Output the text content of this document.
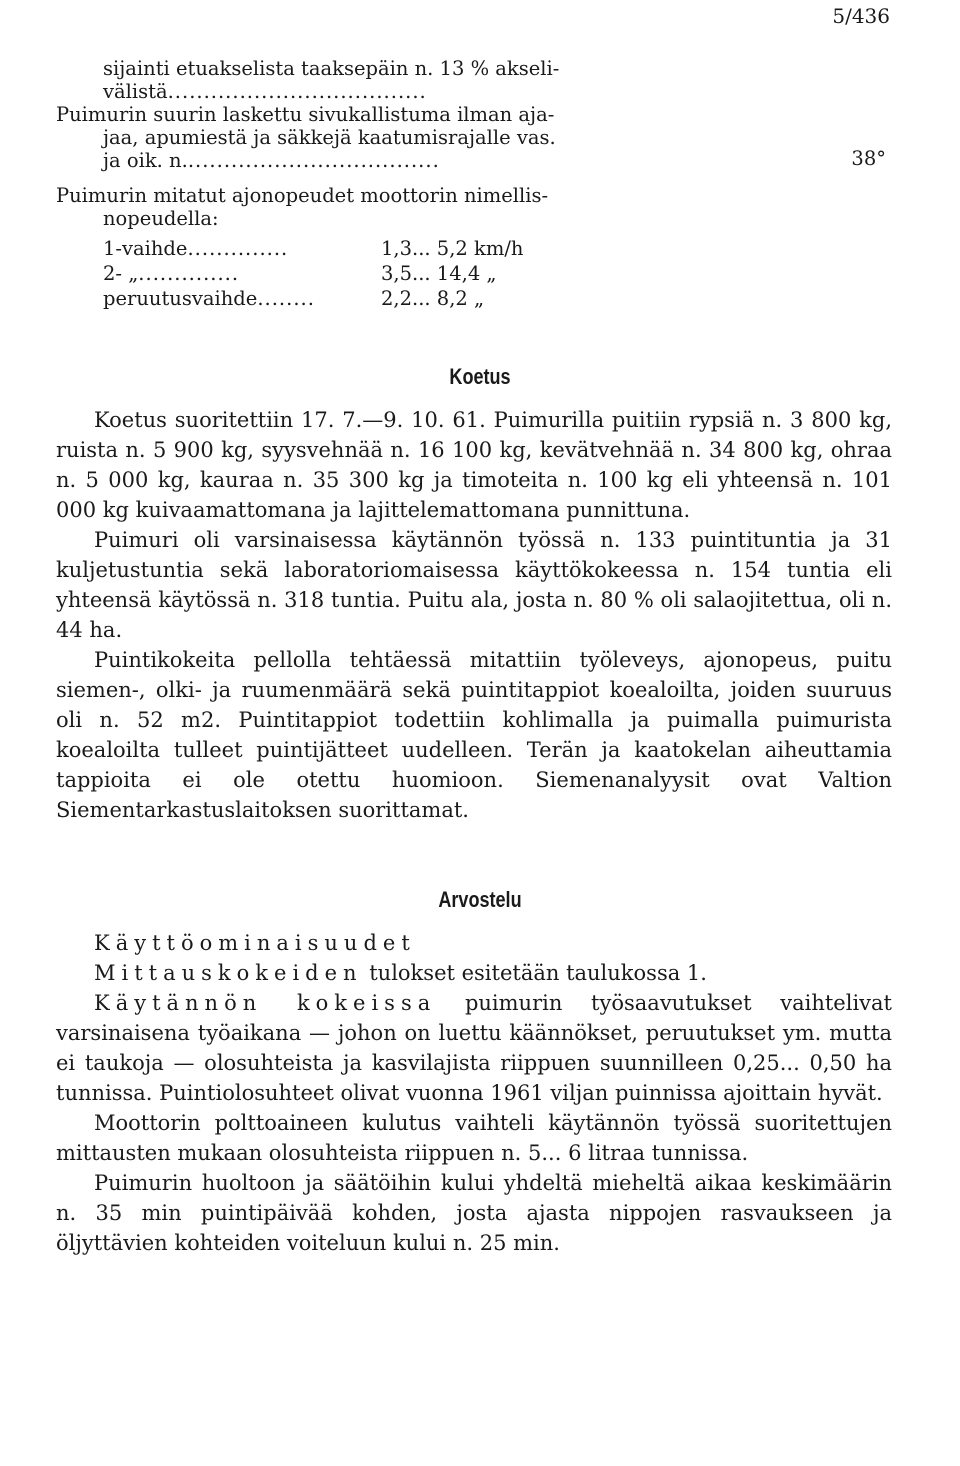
5/436
sijainti etuakselista taaksepäin n. 13 % akseli-
välistä....................................
Puimurin suurin laskettu sivukallistuma ilman aja-
jaa, apumiestä ja säkkejä kaatumisrajalle vas.
ja oik. n....................................	38°
Puimurin mitatut ajonopeudet moottorin nimellis-
nopeudella:
1-vaihde..............	1,3... 5,2 km/h
2- „..............	3,5... 14,4 „
peruutusvaihde........	2,2... 8,2 „
Koetus

Koetus suoritettiin 17. 7.—9. 10. 61. Puimurilla puitiin rypsiä n. 3 800 kg, ruista n. 5 900 kg, syysvehnää n. 16 100 kg, kevätvehnää n. 34 800 kg, ohraa n. 5 000 kg, kauraa n. 35 300 kg ja timoteita n. 100 kg eli yhteensä n. 101 000 kg kuivaamattomana ja lajittelemattomana punnittuna.

Puimuri oli varsinaisessa käytännön työssä n. 133 puintituntia ja 31 kuljetustuntia sekä laboratoriomaisessa käyttökokeessa n. 154 tuntia eli yhteensä käytössä n. 318 tuntia. Puitu ala, josta n. 80 % oli salaojitettua, oli n. 44 ha.

Puintikokeita pellolla tehtäessä mitattiin työleveys, ajonopeus, puitu siemen-, olki- ja ruumenmäärä sekä puintitappiot koealoilta, joiden suuruus oli n. 52 m2. Puintitappiot todettiin kohlimalla ja puimalla puimurista koealoilta tulleet puintijätteet uudelleen. Terän ja kaatokelan aiheuttamia tappioita ei ole otettu huomioon. Siemenanalyysit ovat Valtion Siementarkastuslaitoksen suorittamat.

Arvostelu

Käyttöominaisuudet

Mittauskokeiden tulokset esitetään taulukossa 1.

Käytännön kokeissa puimurin työsaavutukset vaihtelivat varsinaisena työaikana — johon on luettu käännökset, peruutukset ym. mutta ei taukoja — olosuhteista ja kasvilajista riippuen suunnilleen 0,25... 0,50 ha tunnissa. Puintiolosuhteet olivat vuonna 1961 viljan puinnissa ajoittain hyvät.

Moottorin polttoaineen kulutus vaihteli käytännön työssä suoritettujen mittausten mukaan olosuhteista riippuen n. 5... 6 litraa tunnissa.

Puimurin huoltoon ja säätöihin kului yhdeltä mieheltä aikaa keskimäärin n. 35 min puintipäivää kohden, josta ajasta nippojen rasvaukseen ja öljyttävien kohteiden voiteluun kului n. 25 min.
